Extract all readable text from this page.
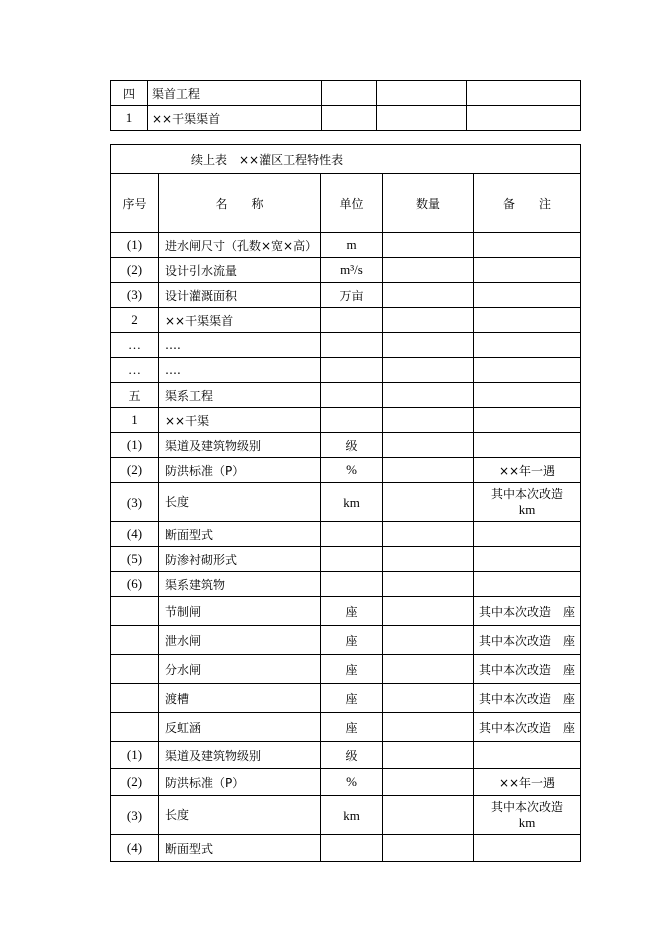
四	渠首工程			
1	××干渠渠首			
续上表　××灌区工程特性表				
序号	名　　称	单位	数量	备　　注
(1)	进水闸尺寸（孔数×宽×高）	m		
(2)	设计引水流量	m³/s		
(3)	设计灌溉面积	万亩		
2	××干渠渠首			
…	….			
…	….			
五	渠系工程			
1	××干渠			
(1)	渠道及建筑物级别	级		
(2)	防洪标准（P）	%		××年一遇
(3)	长度	km		其中本次改造
km

(4)	断面型式			
(5)	防渗衬砌形式			
(6)	渠系建筑物			
	节制闸	座		其中本次改造　座
	泄水闸	座		其中本次改造　座
	分水闸	座		其中本次改造　座
	渡槽	座		其中本次改造　座
	反虹涵	座		其中本次改造　座
(1)	渠道及建筑物级别	级		
(2)	防洪标准（P）	%		××年一遇
(3)	长度	km		其中本次改造
km

(4)	断面型式			
